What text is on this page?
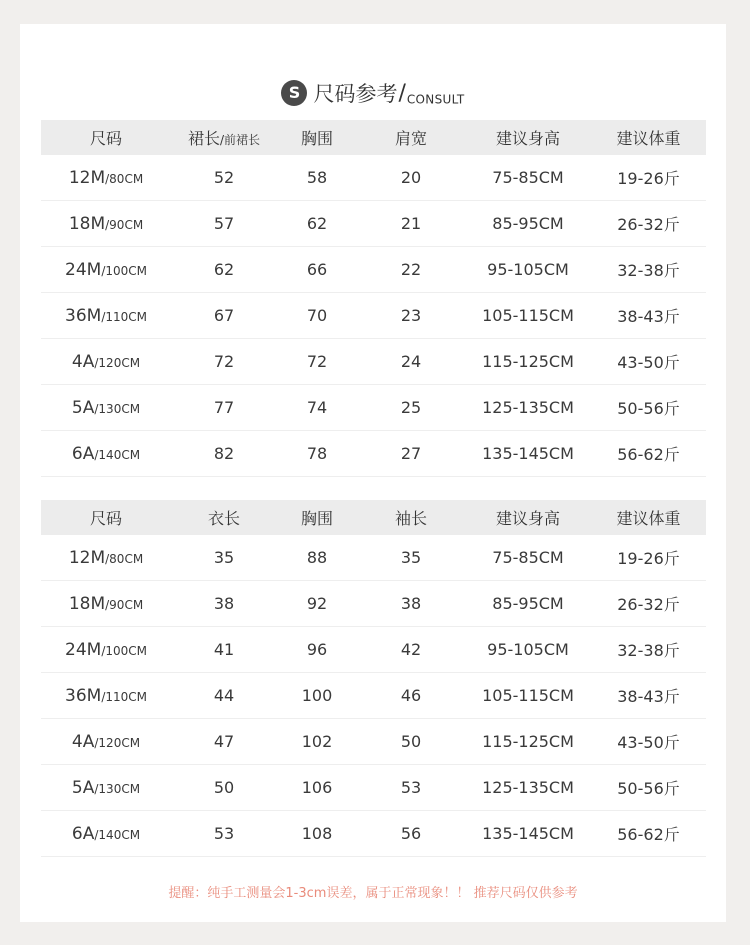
S 尺码参考$/_{CONSULT}$
尺码	裙长/前裙长	胸围	肩宽	建议身高	建议体重
12M/80CM	52	58	20	75-85CM	19-26斤
18M/90CM	57	62	21	85-95CM	26-32斤
24M/100CM	62	66	22	95-105CM	32-38斤
36M/110CM	67	70	23	105-115CM	38-43斤
4A/120CM	72	72	24	115-125CM	43-50斤
5A/130CM	77	74	25	125-135CM	50-56斤
6A/140CM	82	78	27	135-145CM	56-62斤
尺码	衣长	胸围	袖长	建议身高	建议体重
12M/80CM	35	88	35	75-85CM	19-26斤
18M/90CM	38	92	38	85-95CM	26-32斤
24M/100CM	41	96	42	95-105CM	32-38斤
36M/110CM	44	100	46	105-115CM	38-43斤
4A/120CM	47	102	50	115-125CM	43-50斤
5A/130CM	50	106	53	125-135CM	50-56斤
6A/140CM	53	108	56	135-145CM	56-62斤
提醒：纯手工测量会1-3cm误差，属于正常现象！！ 推荐尺码仅供参考
